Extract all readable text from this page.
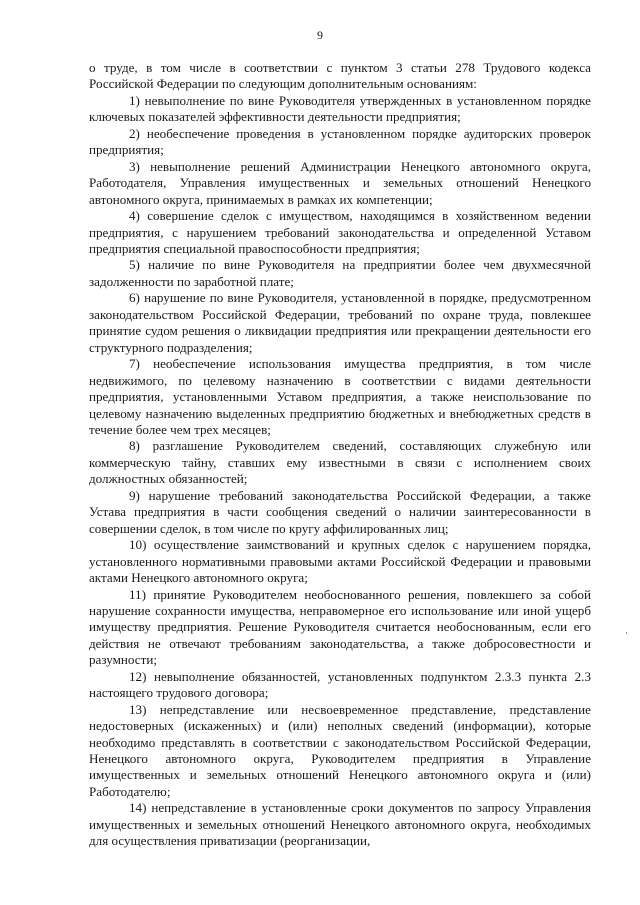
9

о труде, в том числе в соответствии с пунктом 3 статьи 278 Трудового кодекса Российской Федерации по следующим дополнительным основаниям:

1) невыполнение по вине Руководителя утвержденных в установленном порядке ключевых показателей эффективности деятельности предприятия;

2) необеспечение проведения в установленном порядке аудиторских проверок предприятия;

3) невыполнение решений Администрации Ненецкого автономного округа, Работодателя, Управления имущественных и земельных отношений Ненецкого автономного округа, принимаемых в рамках их компетенции;

4) совершение сделок с имуществом, находящимся в хозяйственном ведении предприятия, с нарушением требований законодательства и определенной Уставом предприятия специальной правоспособности предприятия;

5) наличие по вине Руководителя на предприятии более чем двухмесячной задолженности по заработной плате;

6) нарушение по вине Руководителя, установленной в порядке, предусмотренном законодательством Российской Федерации, требований по охране труда, повлекшее принятие судом решения о ликвидации предприятия или прекращении деятельности его структурного подразделения;

7) необеспечение использования имущества предприятия, в том числе недвижимого, по целевому назначению в соответствии с видами деятельности предприятия, установленными Уставом предприятия, а также неиспользование по целевому назначению выделенных предприятию бюджетных и внебюджетных средств в течение более чем трех месяцев;

8) разглашение Руководителем сведений, составляющих служебную или коммерческую тайну, ставших ему известными в связи с исполнением своих должностных обязанностей;

9) нарушение требований законодательства Российской Федерации, а также Устава предприятия в части сообщения сведений о наличии заинтересованности в совершении сделок, в том числе по кругу аффилированных лиц;

10) осуществление заимствований и крупных сделок с нарушением порядка, установленного нормативными правовыми актами Российской Федерации и правовыми актами Ненецкого автономного округа;

11) принятие Руководителем необоснованного решения, повлекшего за собой нарушение сохранности имущества, неправомерное его использование или иной ущерб имуществу предприятия. Решение Руководителя считается необоснованным, если его действия не отвечают требованиям законодательства, а также добросовестности и разумности;

12) невыполнение обязанностей, установленных подпунктом 2.3.3 пункта 2.3 настоящего трудового договора;

13) непредставление или несвоевременное представление, представление недостоверных (искаженных) и (или) неполных сведений (информации), которые необходимо представлять в соответствии с законодательством Российской Федерации, Ненецкого автономного округа, Руководителем предприятия в Управление имущественных и земельных отношений Ненецкого автономного округа и (или) Работодателю;

14) непредставление в установленные сроки документов по запросу Управления имущественных и земельных отношений Ненецкого автономного округа, необходимых для осуществления приватизации (реорганизации,
